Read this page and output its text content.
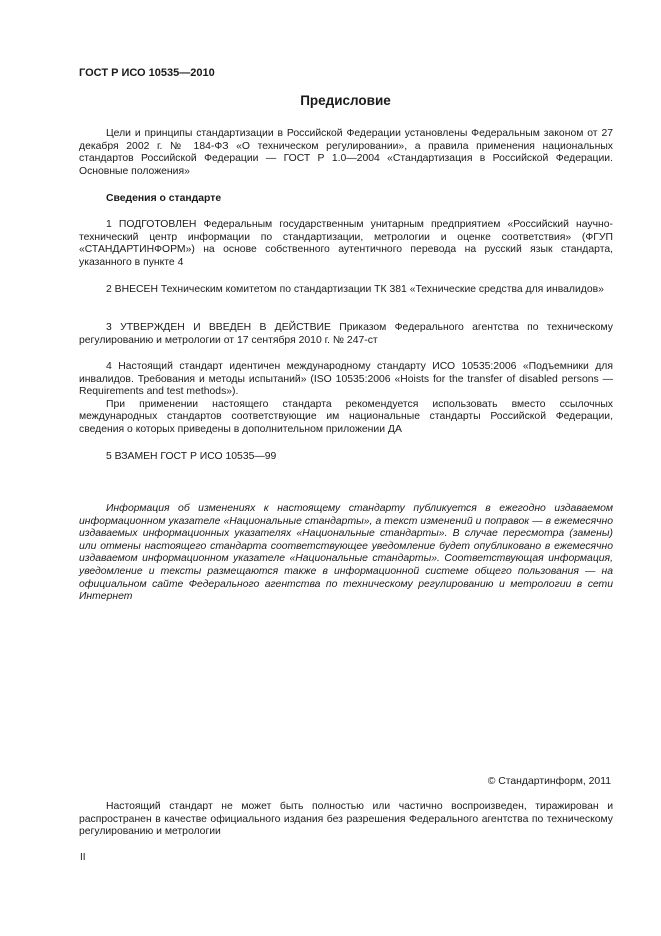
ГОСТ Р ИСО 10535—2010
Предисловие

Цели и принципы стандартизации в Российской Федерации установлены Федеральным законом от 27 декабря 2002 г. № 184-ФЗ «О техническом регулировании», а правила применения национальных стандартов Российской Федерации — ГОСТ Р 1.0—2004 «Стандартизация в Российской Федерации. Основные положения»

Сведения о стандарте

1 ПОДГОТОВЛЕН Федеральным государственным унитарным предприятием «Российский научно-технический центр информации по стандартизации, метрологии и оценке соответствия» (ФГУП «СТАНДАРТИНФОРМ») на основе собственного аутентичного перевода на русский язык стандарта, указанного в пункте 4

2 ВНЕСЕН Техническим комитетом по стандартизации ТК 381 «Технические средства для инвалидов»

3 УТВЕРЖДЕН И ВВЕДЕН В ДЕЙСТВИЕ Приказом Федерального агентства по техническому регулированию и метрологии от 17 сентября 2010 г. № 247-ст

4 Настоящий стандарт идентичен международному стандарту ИСО 10535:2006 «Подъемники для инвалидов. Требования и методы испытаний» (ISO 10535:2006 «Hoists for the transfer of disabled persons — Requirements and test methods»).

При применении настоящего стандарта рекомендуется использовать вместо ссылочных международных стандартов соответствующие им национальные стандарты Российской Федерации, сведения о которых приведены в дополнительном приложении ДА

5 ВЗАМЕН ГОСТ Р ИСО 10535—99

Информация об изменениях к настоящему стандарту публикуется в ежегодно издаваемом информационном указателе «Национальные стандарты», а текст изменений и поправок — в ежемесячно издаваемых информационных указателях «Национальные стандарты». В случае пересмотра (замены) или отмены настоящего стандарта соответствующее уведомление будет опубликовано в ежемесячно издаваемом информационном указателе «Национальные стандарты». Соответствующая информация, уведомление и тексты размещаются также в информационной системе общего пользования — на официальном сайте Федерального агентства по техническому регулированию и метрологии в сети Интернет

© Стандартинформ, 2011

Настоящий стандарт не может быть полностью или частично воспроизведен, тиражирован и распространен в качестве официального издания без разрешения Федерального агентства по техническому регулированию и метрологии

II
